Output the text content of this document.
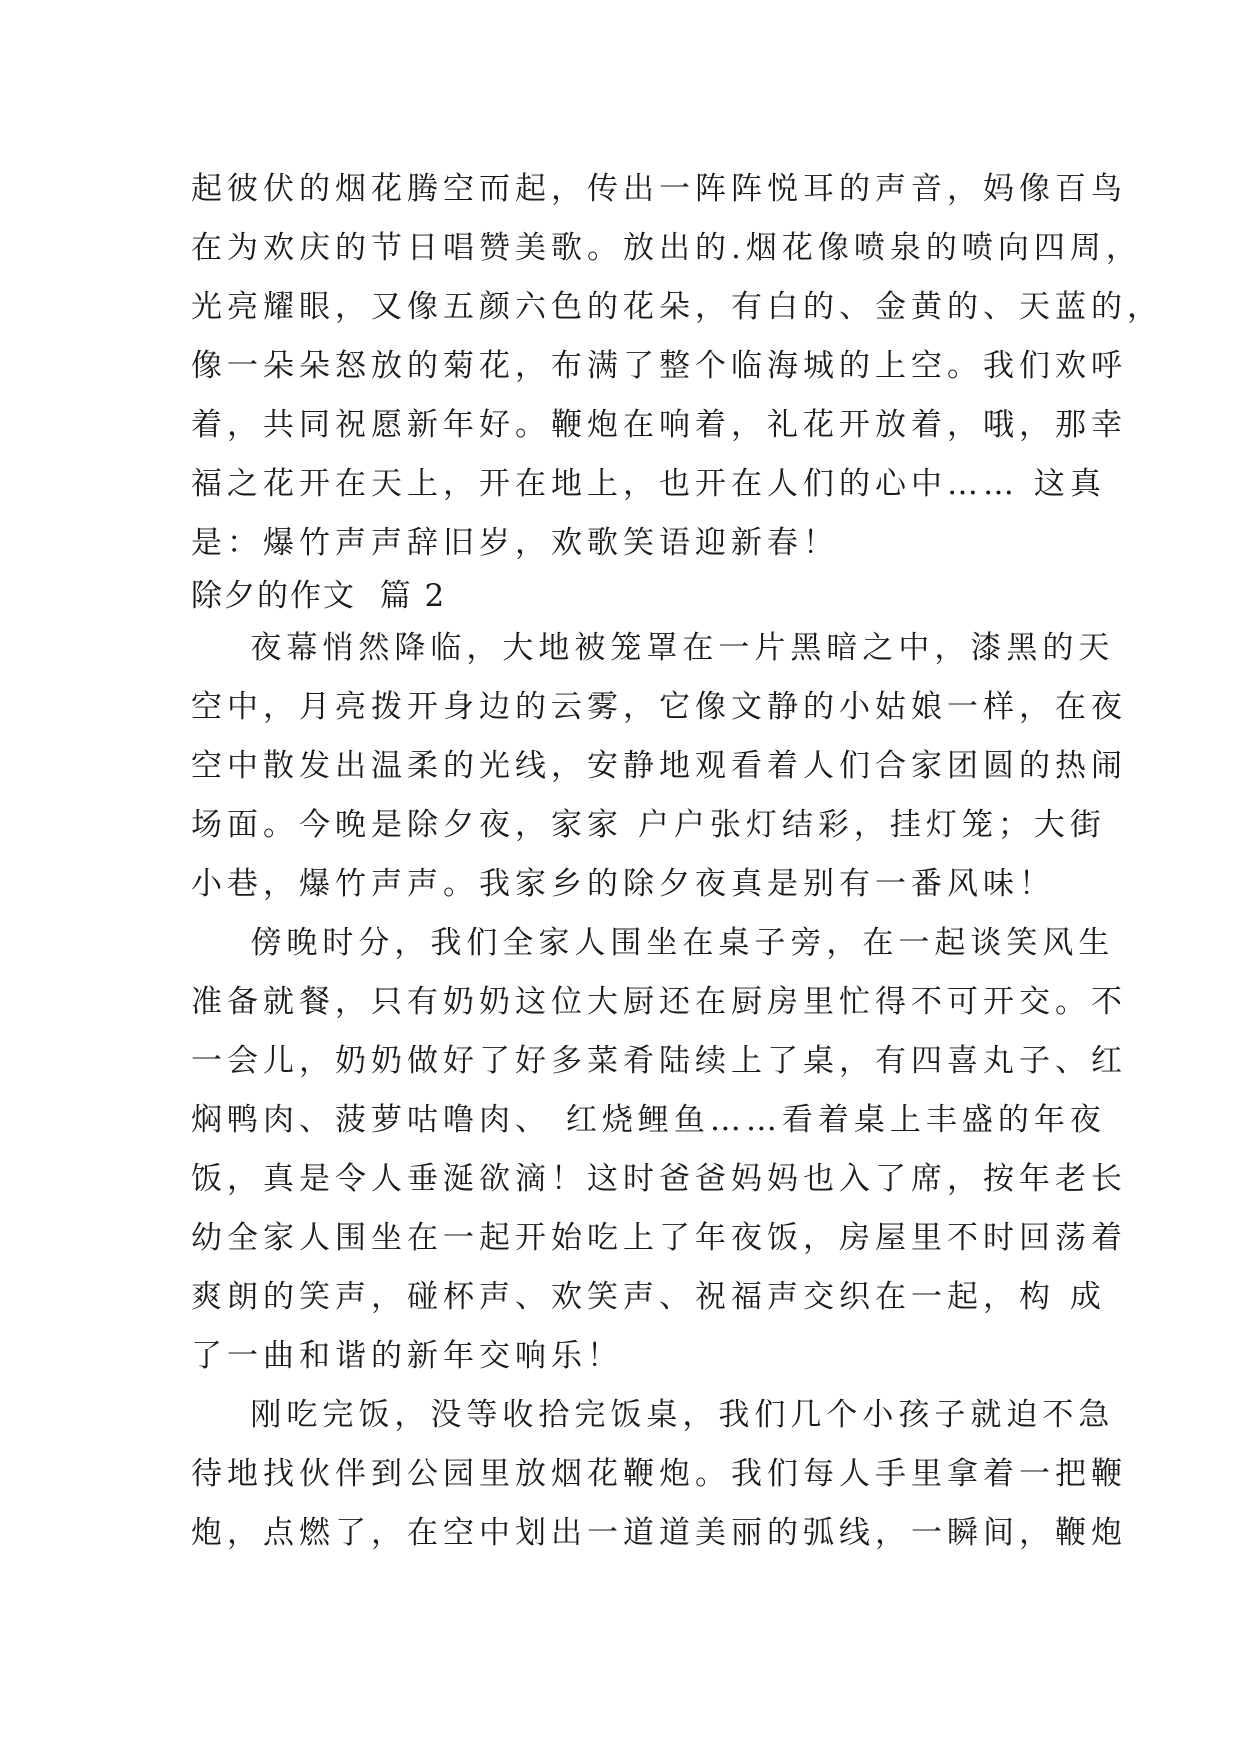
起彼伏的烟花腾空而起，传出一阵阵悦耳的声音，妈像百鸟
在为欢庆的节日唱赞美歌。放出的.烟花像喷泉的喷向四周，
光亮耀眼，又像五颜六色的花朵，有白的、金黄的、天蓝的，
像一朵朵怒放的菊花，布满了整个临海城的上空。我们欢呼
着，共同祝愿新年好。鞭炮在响着，礼花开放着，哦，那幸
福之花开在天上，开在地上，也开在人们的心中…… 这真
是：爆竹声声辞旧岁，欢歌笑语迎新春！
除夕的作文  篇 2
夜幕悄然降临，大地被笼罩在一片黑暗之中，漆黑的天
空中，月亮拨开身边的云雾，它像文静的小姑娘一样，在夜
空中散发出温柔的光线，安静地观看着人们合家团圆的热闹
场面。今晚是除夕夜，家家 户户张灯结彩，挂灯笼；大街
小巷，爆竹声声。我家乡的除夕夜真是别有一番风味！
傍晚时分，我们全家人围坐在桌子旁，在一起谈笑风生
准备就餐，只有奶奶这位大厨还在厨房里忙得不可开交。不
一会儿，奶奶做好了好多菜肴陆续上了桌，有四喜丸子、红
焖鸭肉、菠萝咕噜肉、 红烧鲤鱼……看着桌上丰盛的年夜
饭，真是令人垂涎欲滴！这时爸爸妈妈也入了席，按年老长
幼全家人围坐在一起开始吃上了年夜饭，房屋里不时回荡着
爽朗的笑声，碰杯声、欢笑声、祝福声交织在一起，构 成
了一曲和谐的新年交响乐！
刚吃完饭，没等收拾完饭桌，我们几个小孩子就迫不急
待地找伙伴到公园里放烟花鞭炮。我们每人手里拿着一把鞭
炮，点燃了，在空中划出一道道美丽的弧线，一瞬间，鞭炮
